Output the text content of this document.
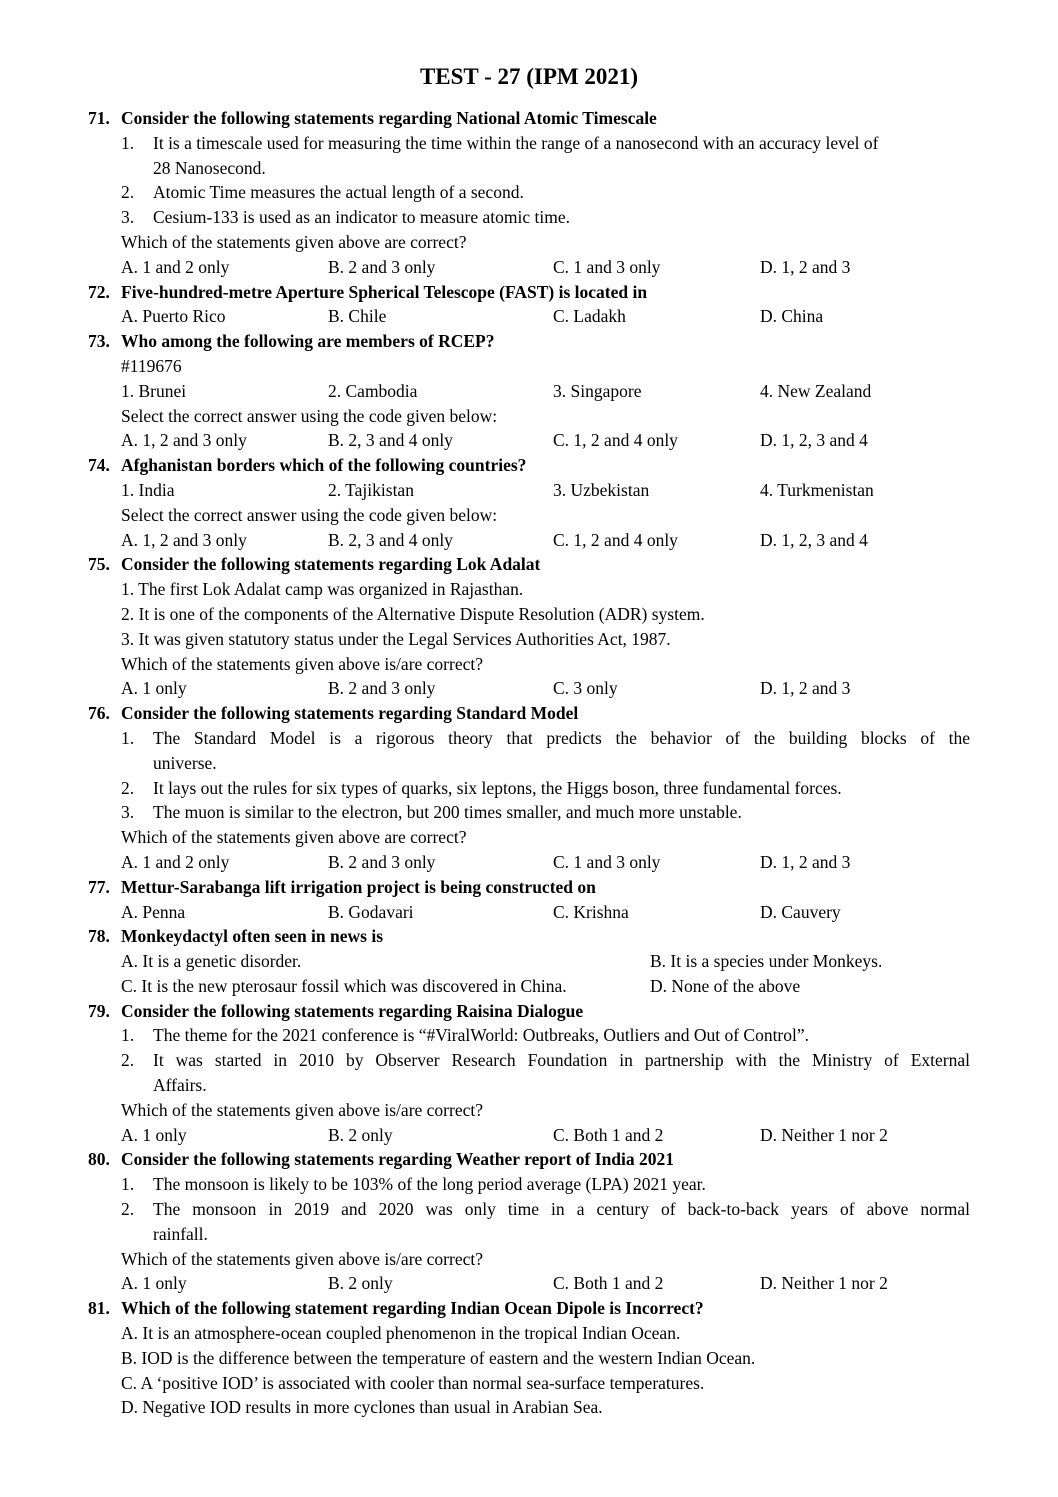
TEST - 27 (IPM 2021)
71. Consider the following statements regarding National Atomic Timescale
1. It is a timescale used for measuring the time within the range of a nanosecond with an accuracy level of
28 Nanosecond.
2. Atomic Time measures the actual length of a second.
3. Cesium-133 is used as an indicator to measure atomic time.
Which of the statements given above are correct?
A. 1 and 2 only	B. 2 and 3 only	C. 1 and 3 only	D. 1, 2 and 3
72. Five-hundred-metre Aperture Spherical Telescope (FAST) is located in
A. Puerto Rico	B. Chile	C. Ladakh	D. China
73. Who among the following are members of RCEP?
#119676
1. Brunei	2. Cambodia	3. Singapore	4. New Zealand
Select the correct answer using the code given below:
A. 1, 2 and 3 only	B. 2, 3 and 4 only	C. 1, 2 and 4 only	D. 1, 2, 3 and 4
74. Afghanistan borders which of the following countries?
1. India	2. Tajikistan	3. Uzbekistan	4. Turkmenistan
Select the correct answer using the code given below:
A. 1, 2 and 3 only	B. 2, 3 and 4 only	C. 1, 2 and 4 only	D. 1, 2, 3 and 4
75. Consider the following statements regarding Lok Adalat
1. The first Lok Adalat camp was organized in Rajasthan.
2. It is one of the components of the Alternative Dispute Resolution (ADR) system.
3. It was given statutory status under the Legal Services Authorities Act, 1987.
Which of the statements given above is/are correct?
A. 1 only	B. 2 and 3 only	C. 3 only	D. 1, 2 and 3
76. Consider the following statements regarding Standard Model
1. The Standard Model is a rigorous theory that predicts the behavior of the building blocks of the
universe.
2. It lays out the rules for six types of quarks, six leptons, the Higgs boson, three fundamental forces.
3. The muon is similar to the electron, but 200 times smaller, and much more unstable.
Which of the statements given above are correct?
A. 1 and 2 only	B. 2 and 3 only	C. 1 and 3 only	D. 1, 2 and 3
77. Mettur-Sarabanga lift irrigation project is being constructed on
A. Penna	B. Godavari	C. Krishna	D. Cauvery
78. Monkeydactyl often seen in news is
A. It is a genetic disorder.	B. It is a species under Monkeys.
C. It is the new pterosaur fossil which was discovered in China.	D. None of the above
79. Consider the following statements regarding Raisina Dialogue
1. The theme for the 2021 conference is “#ViralWorld: Outbreaks, Outliers and Out of Control”.
2. It was started in 2010 by Observer Research Foundation in partnership with the Ministry of External
Affairs.
Which of the statements given above is/are correct?
A. 1 only	B. 2 only	C. Both 1 and 2	D. Neither 1 nor 2
80. Consider the following statements regarding Weather report of India 2021
1. The monsoon is likely to be 103% of the long period average (LPA) 2021 year.
2. The monsoon in 2019 and 2020 was only time in a century of back-to-back years of above normal
rainfall.
Which of the statements given above is/are correct?
A. 1 only	B. 2 only	C. Both 1 and 2	D. Neither 1 nor 2
81. Which of the following statement regarding Indian Ocean Dipole is Incorrect?
A. It is an atmosphere-ocean coupled phenomenon in the tropical Indian Ocean.
B. IOD is the difference between the temperature of eastern and the western Indian Ocean.
C. A ‘positive IOD’ is associated with cooler than normal sea-surface temperatures.
D. Negative IOD results in more cyclones than usual in Arabian Sea.
